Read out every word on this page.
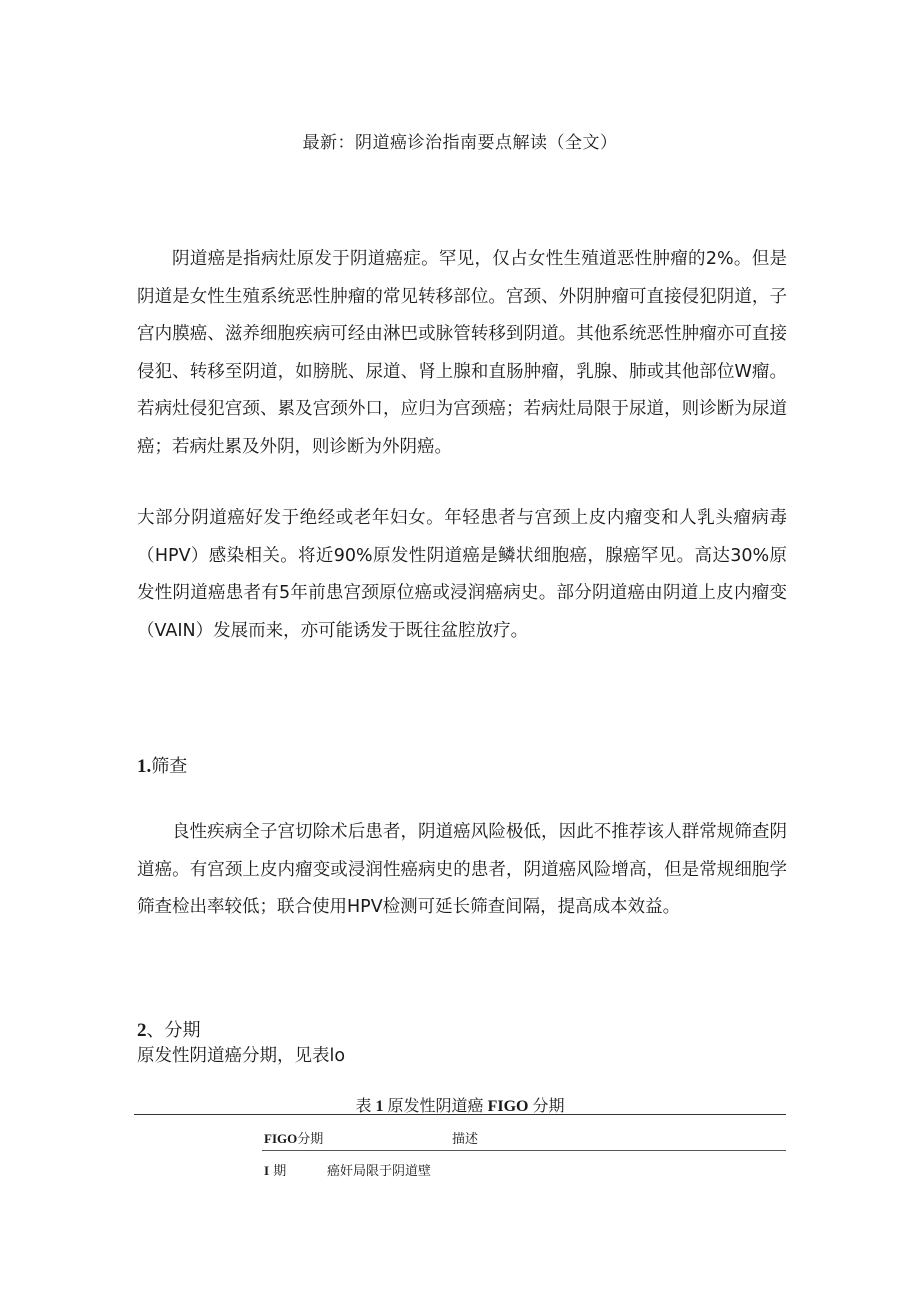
最新：阴道癌诊治指南要点解读（全文）

阴道癌是指病灶原发于阴道癌症。罕见，仅占女性生殖道恶性肿瘤的2%。但是阴道是女性生殖系统恶性肿瘤的常见转移部位。宫颈、外阴肿瘤可直接侵犯阴道，子宫内膜癌、滋养细胞疾病可经由淋巴或脉管转移到阴道。其他系统恶性肿瘤亦可直接侵犯、转移至阴道，如膀胱、尿道、肾上腺和直肠肿瘤，乳腺、肺或其他部位W瘤。若病灶侵犯宫颈、累及宫颈外口，应归为宫颈癌；若病灶局限于尿道，则诊断为尿道癌；若病灶累及外阴，则诊断为外阴癌。

大部分阴道癌好发于绝经或老年妇女。年轻患者与宫颈上皮内瘤变和人乳头瘤病毒（HPV）感染相关。将近90%原发性阴道癌是鳞状细胞癌，腺癌罕见。高达30%原发性阴道癌患者有5年前患宫颈原位癌或浸润癌病史。部分阴道癌由阴道上皮内瘤变（VAIN）发展而来，亦可能诱发于既往盆腔放疗。

1.筛查

良性疾病全子宫切除术后患者，阴道癌风险极低，因此不推荐该人群常规筛查阴道癌。有宫颈上皮内瘤变或浸润性癌病史的患者，阴道癌风险增高，但是常规细胞学筛查检出率较低；联合使用HPV检测可延长筛查间隔，提高成本效益。

2、分期
原发性阴道癌分期，见表lo
表 1 原发性阴道癌 FIGO 分期
FIGO分期	描述
I 期	癌奸局限于阴道壁
